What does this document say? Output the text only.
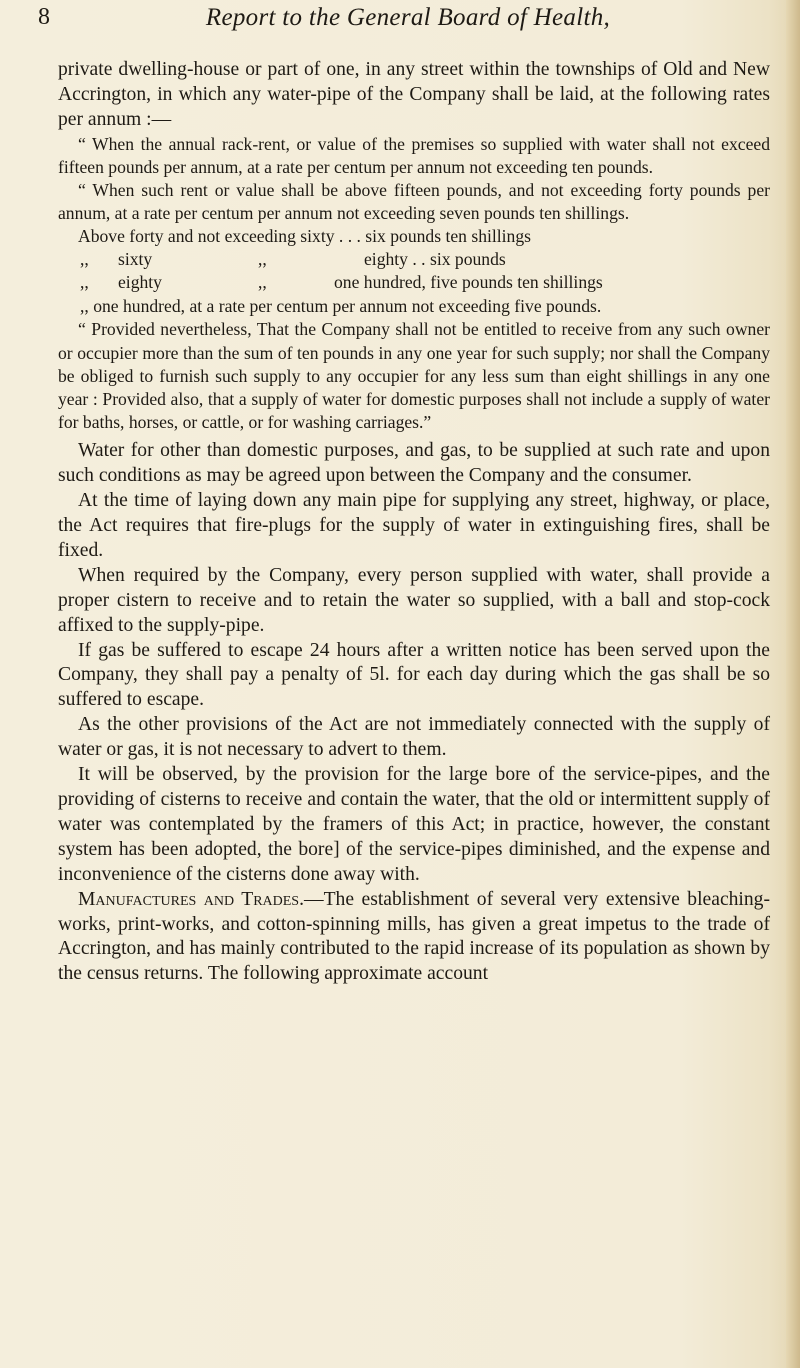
8	Report to the General Board of Health,

private dwelling-house or part of one, in any street within the townships of Old and New Accrington, in which any water-pipe of the Company shall be laid, at the following rates per annum :—

“ When the annual rack-rent, or value of the premises so supplied with water shall not exceed fifteen pounds per annum, at a rate per centum per annum not exceeding ten pounds.

“ When such rent or value shall be above fifteen pounds, and not exceeding forty pounds per annum, at a rate per centum per annum not exceeding seven pounds ten shillings.

Above forty and not exceeding sixty . . . six pounds ten shillings
,, sixty	,,	eighty . . six pounds
,, eighty	,,	one hundred, five pounds ten shillings

,, one hundred, at a rate per centum per annum not exceeding five pounds.

“ Provided nevertheless, That the Company shall not be entitled to receive from any such owner or occupier more than the sum of ten pounds in any one year for such supply; nor shall the Company be obliged to furnish such supply to any occupier for any less sum than eight shillings in any one year : Provided also, that a supply of water for domestic purposes shall not include a supply of water for baths, horses, or cattle, or for washing carriages.”

Water for other than domestic purposes, and gas, to be supplied at such rate and upon such conditions as may be agreed upon between the Company and the consumer.

At the time of laying down any main pipe for supplying any street, highway, or place, the Act requires that fire-plugs for the supply of water in extinguishing fires, shall be fixed.

When required by the Company, every person supplied with water, shall provide a proper cistern to receive and to retain the water so supplied, with a ball and stop-cock affixed to the supply-pipe.

If gas be suffered to escape 24 hours after a written notice has been served upon the Company, they shall pay a penalty of 5l. for each day during which the gas shall be so suffered to escape.

As the other provisions of the Act are not immediately connected with the supply of water or gas, it is not necessary to advert to them.

It will be observed, by the provision for the large bore of the service-pipes, and the providing of cisterns to receive and contain the water, that the old or intermittent supply of water was contemplated by the framers of this Act; in practice, however, the constant system has been adopted, the bore] of the service-pipes diminished, and the expense and inconvenience of the cisterns done away with.

Manufactures and Trades.—The establishment of several very extensive bleaching-works, print-works, and cotton-spinning mills, has given a great impetus to the trade of Accrington, and has mainly contributed to the rapid increase of its population as shown by the census returns. The following approximate account
